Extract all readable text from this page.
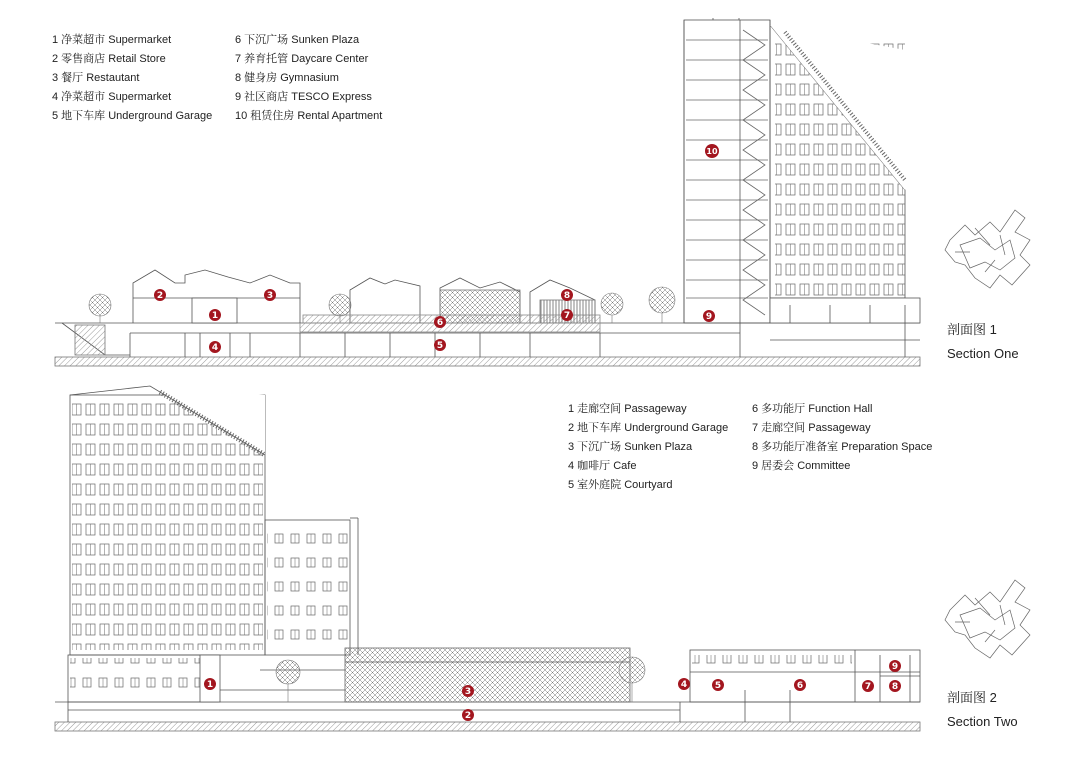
1 净菜超市 Supermarket
2 零售商店 Retail Store
3 餐厅 Restautant
4 净菜超市 Supermarket
5 地下车库 Underground Garage
6 下沉广场 Sunken Plaza
7 养育托管 Daycare Center
8 健身房 Gymnasium
9 社区商店 TESCO Express
10 租赁住房 Rental Apartment
1 走廊空间 Passageway
2 地下车库 Underground Garage
3 下沉广场 Sunken Plaza
4 咖啡厅 Cafe
5 室外庭院 Courtyard
6 多功能厅 Function Hall
7 走廊空间 Passageway
8 多功能厅准备室 Preparation Space
9 居委会 Committee
剖面图 1
Section One
剖面图 2
Section Two
1
2	3
4	5
6
7
8
9
10
1
2
3
4	5	6	7 8
9
